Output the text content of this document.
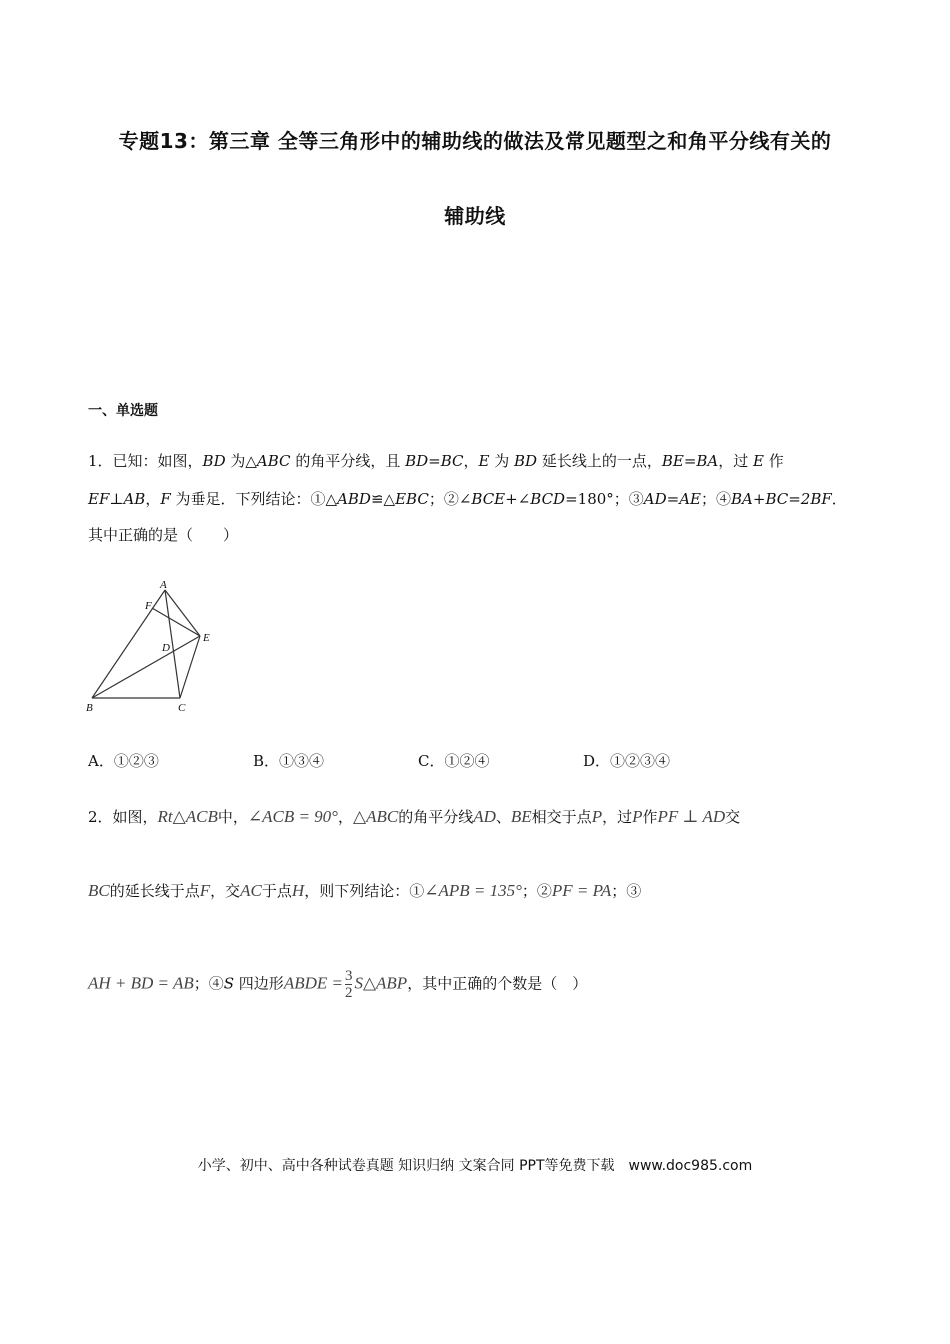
专题13：第三章 全等三角形中的辅助线的做法及常见题型之和角平分线有关的
辅助线
一、单选题
1．已知：如图，BD 为△ABC 的角平分线，且 BD=BC，E 为 BD 延长线上的一点，BE=BA，过 E 作
EF⊥AB，F 为垂足．下列结论：①△ABD≌△EBC；②∠BCE+∠BCD=180°；③AD=AE；④BA+BC=2BF．
其中正确的是（　　）
A
F
E
D
B	C
A．①②③	B．①③④	C．①②④	D．①②③④
2．如图，Rt△ACB中，∠ACB = 90°，△ABC的角平分线AD、BE相交于点P，过P作PF ⊥ AD交
BC的延长线于点F，交AC于点H，则下列结论：①∠APB = 135°；②PF = PA；③
AH + BD = AB；④S 四边形ABDE = $\frac{3}{2}$ S△ABP，其中正确的个数是（　）
小学、初中、高中各种试卷真题 知识归纳 文案合同 PPT等免费下载　www.doc985.com
